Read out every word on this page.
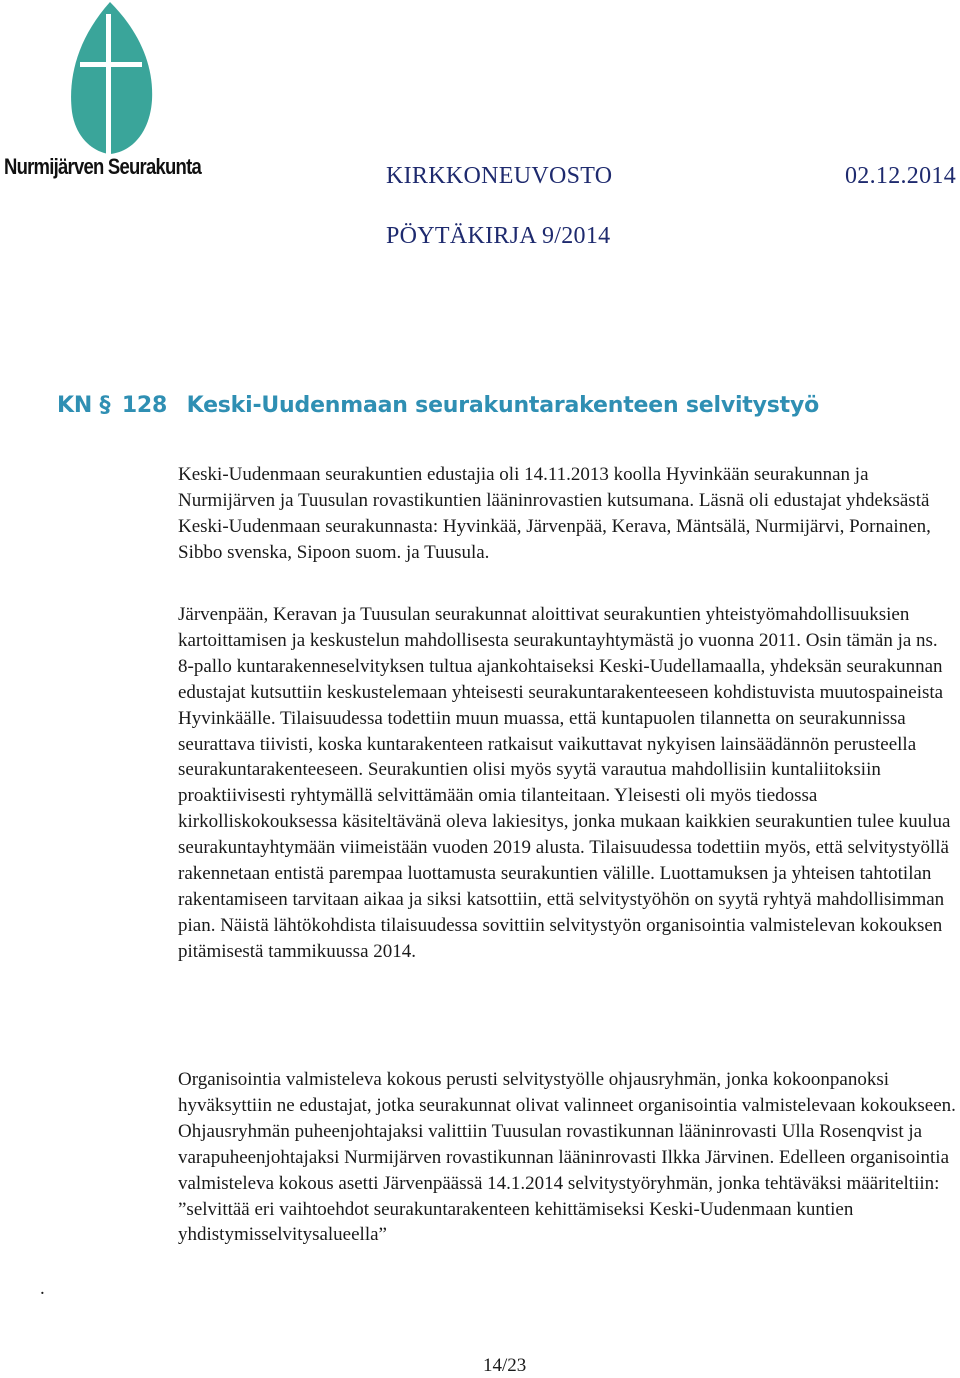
Nurmijärven Seurakunta	KIRKKONEUVOSTO	02.12.2014
PÖYTÄKIRJA 9/2014
KN § 128 Keski-Uudenmaan seurakuntarakenteen selvitystyö

Keski-Uudenmaan seurakuntien edustajia oli 14.11.2013 koolla Hyvinkään seurakunnan ja Nurmijärven ja Tuusulan rovastikuntien lääninrovastien kutsumana. Läsnä oli edustajat yhdeksästä Keski-Uudenmaan seurakunnasta: Hyvinkää, Järvenpää, Kerava, Mäntsälä, Nurmijärvi, Pornainen, Sibbo svenska, Sipoon suom. ja Tuusula.

Järvenpään, Keravan ja Tuusulan seurakunnat aloittivat seurakuntien yhteistyömahdollisuuksien kartoittamisen ja keskustelun mahdollisesta seurakuntayhtymästä jo vuonna 2011. Osin tämän ja ns. 8-pallo kuntarakenneselvityksen tultua ajankohtaiseksi Keski-Uudellamaalla, yhdeksän seurakunnan edustajat kutsuttiin keskustelemaan yhteisesti seurakuntarakenteeseen kohdistuvista muutospaineista Hyvinkäälle. Tilaisuudessa todettiin muun muassa, että kuntapuolen tilannetta on seurakunnissa seurattava tiivisti, koska kuntarakenteen ratkaisut vaikuttavat nykyisen lainsäädännön perusteella seurakuntarakenteeseen. Seurakuntien olisi myös syytä varautua mahdollisiin kuntaliitoksiin proaktiivisesti ryhtymällä selvittämään omia tilanteitaan. Yleisesti oli myös tiedossa kirkolliskokouksessa käsiteltävänä oleva lakiesitys, jonka mukaan kaikkien seurakuntien tulee kuulua seurakuntayhtymään viimeistään vuoden 2019 alusta. Tilaisuudessa todettiin myös, että selvitystyöllä rakennetaan entistä parempaa luottamusta seurakuntien välille. Luottamuksen ja yhteisen tahtotilan rakentamiseen tarvitaan aikaa ja siksi katsottiin, että selvitystyöhön on syytä ryhtyä mahdollisimman pian. Näistä lähtökohdista tilaisuudessa sovittiin selvitystyön organisointia valmistelevan kokouksen pitämisestä tammikuussa 2014.

Organisointia valmisteleva kokous perusti selvitystyölle ohjausryhmän, jonka kokoonpanoksi hyväksyttiin ne edustajat, jotka seurakunnat olivat valinneet organisointia valmistelevaan kokoukseen. Ohjausryhmän puheenjohtajaksi valittiin Tuusulan rovastikunnan lääninrovasti Ulla Rosenqvist ja varapuheenjohtajaksi Nurmijärven rovastikunnan lääninrovasti Ilkka Järvinen. Edelleen organisointia valmisteleva kokous asetti Järvenpäässä 14.1.2014 selvitystyöryhmän, jonka tehtäväksi määriteltiin: ”selvittää eri vaihtoehdot seurakuntarakenteen kehittämiseksi Keski-Uudenmaan kuntien yhdistymisselvitysalueella”

.
14/23
